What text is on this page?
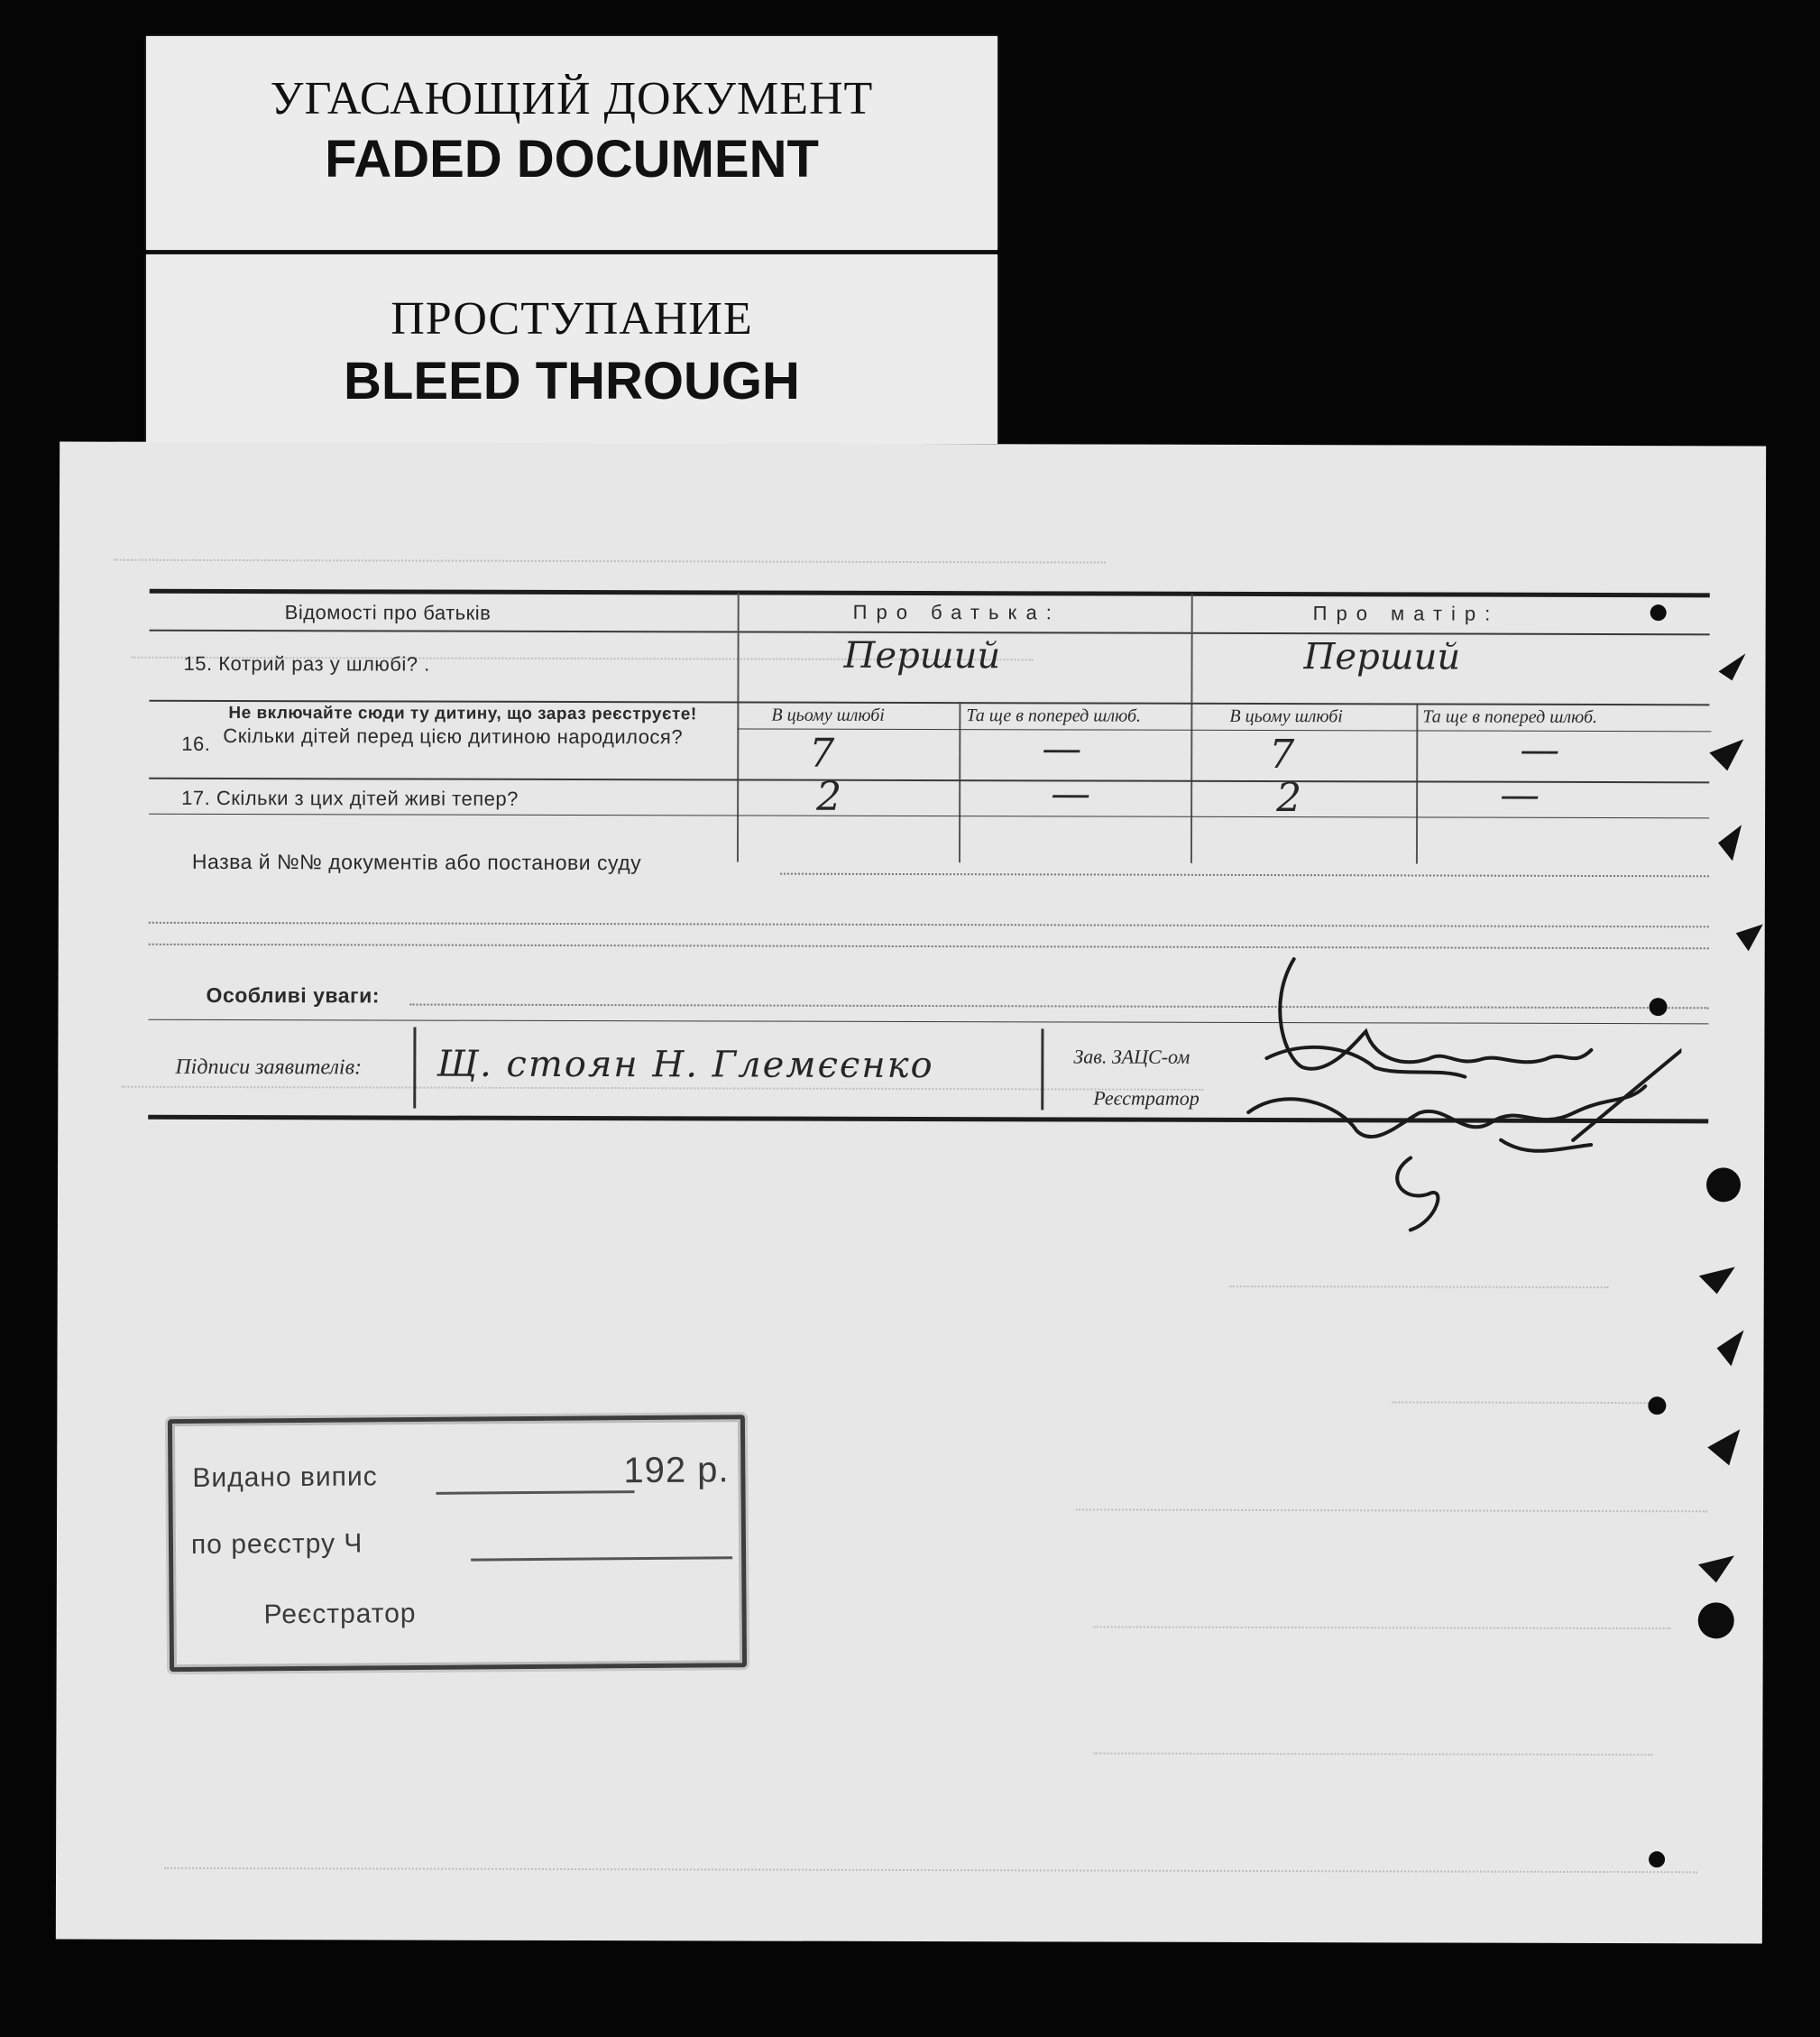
УГАСАЮЩИЙ ДОКУМЕНТ
FADED DOCUMENT
ПРОСТУПАНИЕ
BLEED THROUGH
Відомості про батьків	Про батька:	Про матір:
15. Котрий раз у шлюбі? .	Перший	Перший
Не включайте сюди ту дитину, що зараз реєструєте!
16. Скільки дітей перед цією дитиною народилося?
В цьому шлюбі	Та ще в попеpед шлюб.	В цьому шлюбі	Та ще в попеpед шлюб.
7	—	7	—
17. Скільки з цих дітей живі тепер?	2	—	2	—
Назва й №№ документів або постанови суду
Особливі уваги:
Підписи заявителів: Щ. стоян Н. Глемєєнко	Зав. ЗАЦС-ом
Реєстратор
Видано випис	192 р.
по реєстру Ч
Реєстратор
